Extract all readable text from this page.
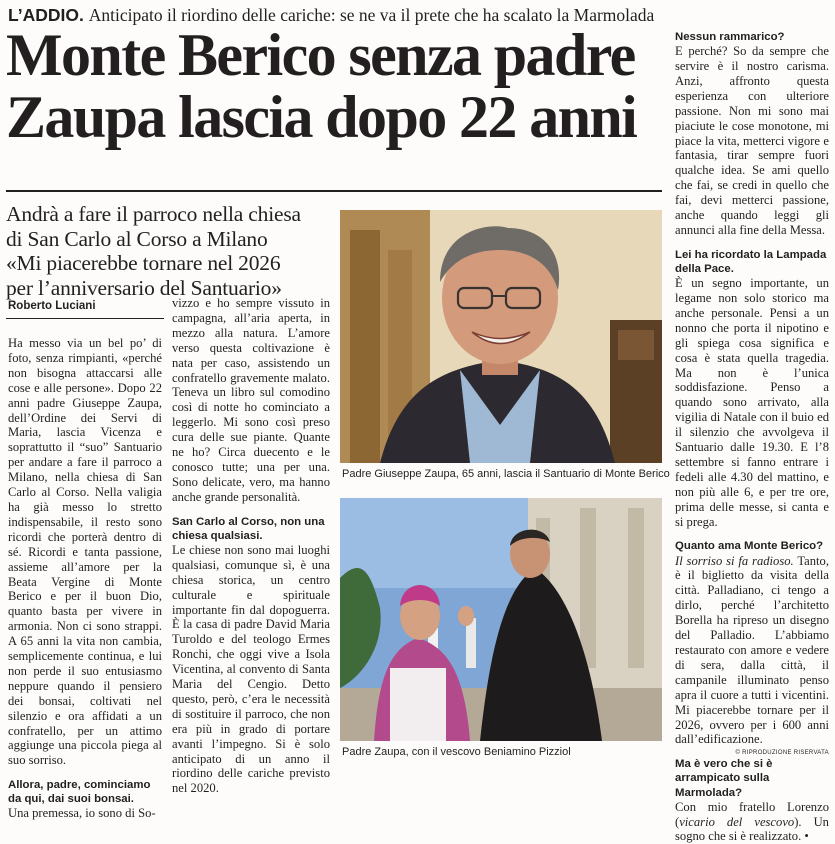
L’ADDIO. Anticipato il riordino delle cariche: se ne va il prete che ha scalato la Marmolada
Monte Berico senza padre
Zaupa lascia dopo 22 anni
Andrà a fare il parroco nella chiesa
di San Carlo al Corso a Milano
«Mi piacerebbe tornare nel 2026
per l’anniversario del Santuario»
Roberto Luciani

Ha messo via un bel po’ di foto, senza rimpianti, «perché non bisogna attaccarsi alle cose e alle persone». Dopo 22 anni padre Giuseppe Zaupa, dell’Ordine dei Servi di Maria, lascia Vicenza e soprattutto il “suo” Santuario per andare a fare il parroco a Milano, nella chiesa di San Carlo al Corso. Nella valigia ha già messo lo stretto indispensabile, il resto sono ricordi che porterà dentro di sé. Ricordi e tanta passione, assieme all’amore per la Beata Vergine di Monte Berico e per il buon Dio, quanto basta per vivere in armonia. Non ci sono strappi. A 65 anni la vita non cambia, semplicemente continua, e lui non perde il suo entusiasmo neppure quando il pensiero dei bonsai, coltivati nel silenzio e ora affidati a un confratello, per un attimo aggiunge una piccola piega al suo sorriso.

Allora, padre, cominciamo da qui, dai suoi bonsai.

Una premessa, io sono di So-

vizzo e ho sempre vissuto in campagna, all’aria aperta, in mezzo alla natura. L’amore verso questa coltivazione è nata per caso, assistendo un confratello gravemente malato. Teneva un libro sul comodino così di notte ho cominciato a leggerlo. Mi sono così preso cura delle sue piante. Quante ne ho? Circa duecento e le conosco tutte; una per una. Sono delicate, vero, ma hanno anche grande personalità.

San Carlo al Corso, non una chiesa qualsiasi.

Le chiese non sono mai luoghi qualsiasi, comunque sì, è una chiesa storica, un centro culturale e spirituale importante fin dal dopoguerra. È la casa di padre David Maria Turoldo e del teologo Ermes Ronchi, che oggi vive a Isola Vicentina, al convento di Santa Maria del Cengio. Detto questo, però, c’era le necessità di sostituire il parroco, che non era più in grado di portare avanti l’impegno. Si è solo anticipato di un anno il riordino delle cariche previsto nel 2020.

Padre Giuseppe Zaupa, 65 anni, lascia il Santuario di Monte Berico
Padre Zaupa, con il vescovo Beniamino Pizziol

Nessun rammarico?

E perché? So da sempre che servire è il nostro carisma. Anzi, affronto questa esperienza con ulteriore passione. Non mi sono mai piaciute le cose monotone, mi piace la vita, metterci vigore e fantasia, tirar sempre fuori qualche idea. Se ami quello che fai, se credi in quello che fai, devi metterci passione, anche quando leggi gli annunci alla fine della Messa.

Lei ha ricordato la Lampada della Pace.

È un segno importante, un legame non solo storico ma anche personale. Pensi a un nonno che porta il nipotino e gli spiega cosa significa e cosa è stata quella tragedia. Ma non è l’unica soddisfazione. Penso a quando sono arrivato, alla vigilia di Natale con il buio ed il silenzio che avvolgeva il Santuario dalle 19.30. E l’8 settembre si fanno entrare i fedeli alle 4.30 del mattino, e non più alle 6, e per tre ore, prima delle messe, si canta e si prega.

Quanto ama Monte Berico?

Il sorriso si fa radioso. Tanto, è il biglietto da visita della città. Palladiano, ci tengo a dirlo, perché l’architetto Borella ha ripreso un disegno del Palladio. L’abbiamo restaurato con amore e vedere di sera, dalla città, il campanile illuminato penso apra il cuore a tutti i vicentini. Mi piacerebbe tornare per il 2026, ovvero per i 600 anni dall’edificazione.

Ma è vero che si è arrampicato sulla Marmolada?

Con mio fratello Lorenzo (vicario del vescovo). Un sogno che si è realizzato. •

© RIPRODUZIONE RISERVATA
